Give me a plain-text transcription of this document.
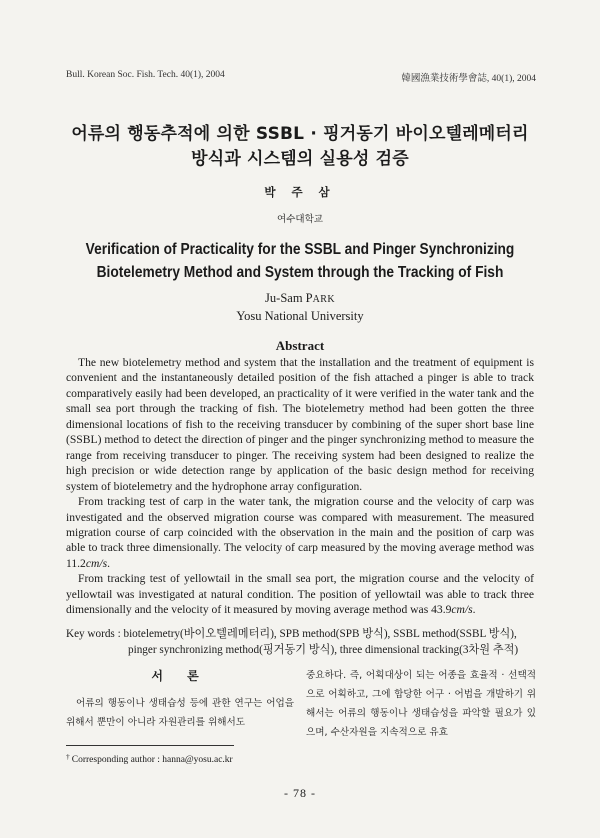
Bull. Korean Soc. Fish. Tech. 40(1), 2004	韓國漁業技術學會誌, 40(1), 2004
어류의 행동추적에 의한 SSBL · 핑거동기 바이오텔레메터리
방식과 시스템의 실용성 검증
박 주 삼
여수대학교
Verification of Practicality for the SSBL and Pinger Synchronizing
Biotelemetry Method and System through the Tracking of Fish
Ju-Sam PARK
Yosu National University
Abstract

The new biotelemetry method and system that the installation and the treatment of equipment is convenient and the instantaneously detailed position of the fish attached a pinger is able to track comparatively easily had been developed, an practicality of it were verified in the water tank and the small sea port through the tracking of fish. The biotelemetry method had been gotten the three dimensional locations of fish to the receiving transducer by combining of the super short base line (SSBL) method to detect the direction of pinger and the pinger synchronizing method to measure the range from receiving transducer to pinger. The receiving system had been designed to realize the high precision or wide detection range by application of the basic design method for receiving system of biotelemetry and the hydrophone array configuration.

From tracking test of carp in the water tank, the migration course and the velocity of carp was investigated and the observed migration course was compared with measurement. The measured migration course of carp coincided with the observation in the main and the position of carp was able to track three dimensionally. The velocity of carp measured by the moving average method was 11.2cm/s.

From tracking test of yellowtail in the small sea port, the migration course and the velocity of yellowtail was investigated at natural condition. The position of yellowtail was able to track three dimensionally and the velocity of it measured by moving average method was 43.9cm/s.

Key words : biotelemetry(바이오텔레메터리), SPB method(SPB 방식), SSBL method(SSBL 방식),
pinger synchronizing method(핑거동기 방식), three dimensional tracking(3차원 추적)
서 론

어류의 행동이나 생태습성 등에 관한 연구는 어업을 위해서 뿐만이 아니라 자원관리를 위해서도

중요하다. 즉, 어획대상이 되는 어종을 효율적 · 선택적으로 어획하고, 그에 합당한 어구 · 어법을 개발하기 위해서는 어류의 행동이나 생태습성을 파악할 필요가 있으며, 수산자원을 지속적으로 유효

† Corresponding author : hanna@yosu.ac.kr
- 78 -
